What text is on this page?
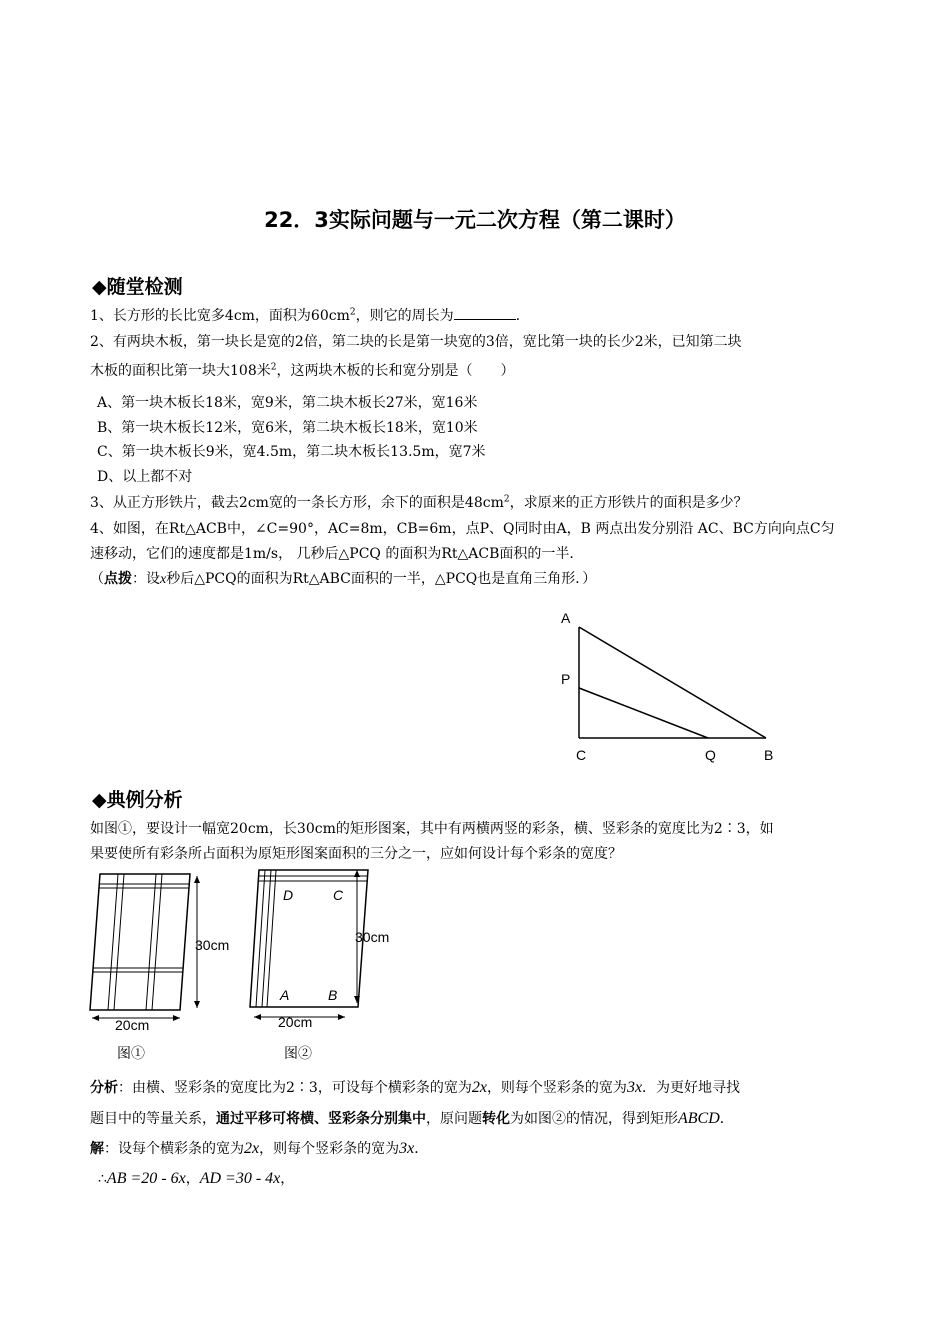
22．3实际问题与一元二次方程（第二课时）
◆随堂检测
1、长方形的长比宽多4cm，面积为$60cm^2$，则它的周长为	.
2、有两块木板，第一块长是宽的2倍，第二块的长是第一块宽的3倍，宽比第一块的长少2米，已知第二块
木板的面积比第一块大108米$^2$，这两块木板的长和宽分别是（　　）
A、第一块木板长18米，宽9米，第二块木板长27米，宽16米
B、第一块木板长12米，宽6米，第二块木板长18米，宽10米
C、第一块木板长9米，宽4.5m，第二块木板长13.5m，宽7米
D、以上都不对
3、从正方形铁片，截去2cm宽的一条长方形，余下的面积是$48cm^2$，求原来的正方形铁片的面积是多少？
4、如图，在Rt△ACB中，∠C=90°，AC=8m，CB=6m，点P、Q同时由A，B 两点出发分别沿 AC、BC方向向点C匀
速移动，它们的速度都是1m/s， 几秒后△PCQ 的面积为Rt△ACB面积的一半.
（点拨：设x秒后△PCQ的面积为Rt△ABC面积的一半，△PCQ也是直角三角形．）
A
P
C	Q	B
◆典例分析
如图①，要设计一幅宽20cm，长30cm的矩形图案，其中有两横两竖的彩条，横、竖彩条的宽度比为2∶3，如
果要使所有彩条所占面积为原矩形图案面积的三分之一，应如何设计每个彩条的宽度？
30cm
20cm
图①
D	C
A	B
30cm
20cm
图②
分析：由横、竖彩条的宽度比为2∶3，可设每个横彩条的宽为2x，则每个竖彩条的宽为3x．为更好地寻找
题目中的等量关系，通过平移可将横、竖彩条分别集中，原问题转化为如图②的情况，得到矩形ABCD．
解：设每个横彩条的宽为2x，则每个竖彩条的宽为3x．
∴AB =20 - 6x，AD =30 - 4x，
